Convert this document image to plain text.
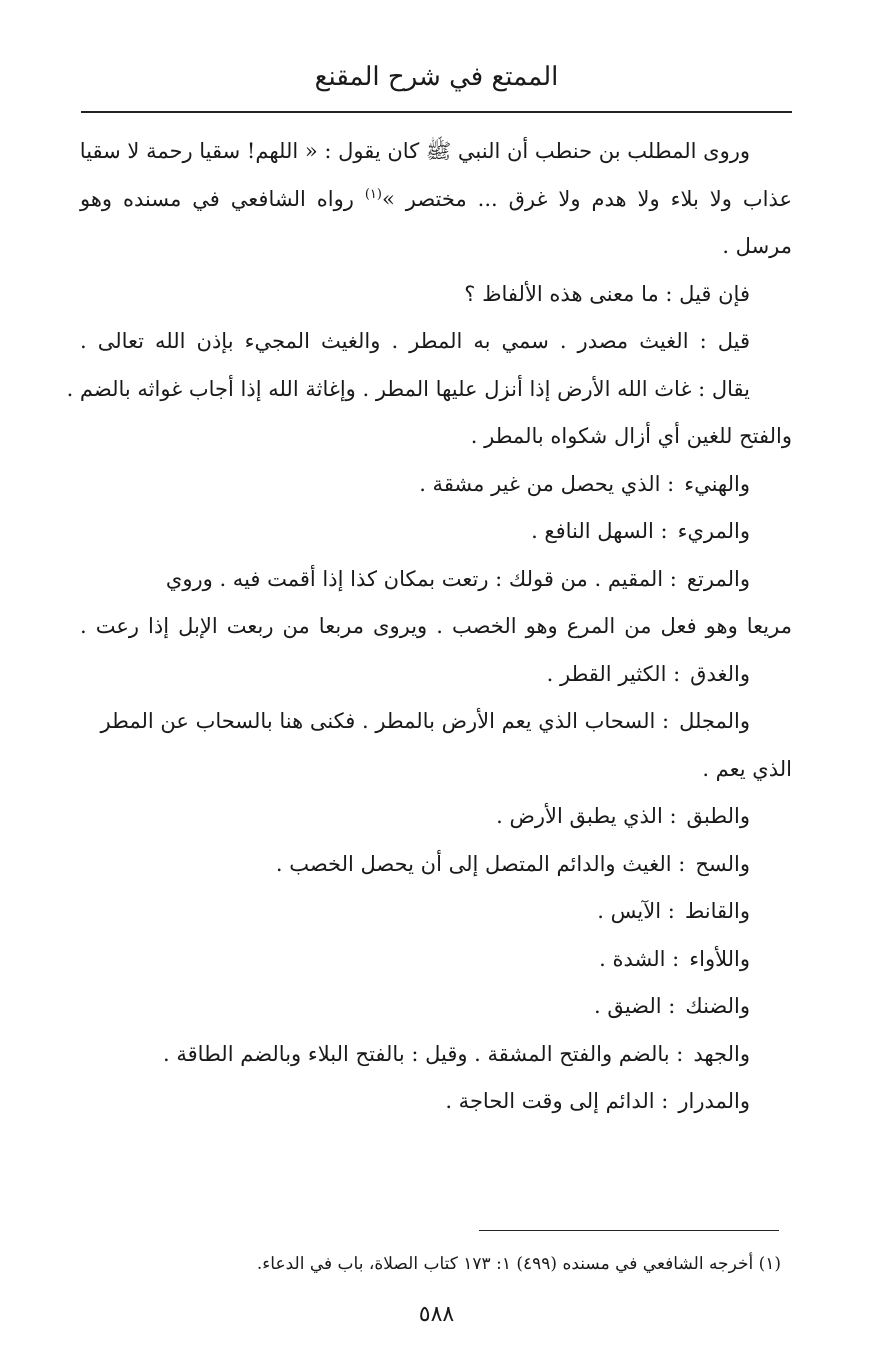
الممتع في شرح المقنع
وروى المطلب بن حنطب أن النبي ﷺ كان يقول : « اللهم! سقيا رحمة لا سقيا
عذاب ولا بلاء ولا هدم ولا غرق ... مختصر »$^{(١)}$ رواه الشافعي في مسنده وهو
مرسل .
فإن قيل : ما معنى هذه الألفاظ ؟
قيل : الغيث مصدر . سمي به المطر . والغيث المجيء بإذن الله تعالى .
يقال : غاث الله الأرض إذا أنزل عليها المطر . وإغاثة الله إذا أجاب غواثه بالضم .
والفتح للغين أي أزال شكواه بالمطر .
والهنيء: الذي يحصل من غير مشقة .
والمريء: السهل النافع .
والمرتع: المقيم . من قولك : رتعت بمكان كذا إذا أقمت فيه . وروي
مريعا وهو فعل من المرع وهو الخصب . ويروى مربعا من ربعت الإبل إذا رعت .
والغدق: الكثير القطر .
والمجلل: السحاب الذي يعم الأرض بالمطر . فكنى هنا بالسحاب عن المطر
الذي يعم .
والطبق: الذي يطبق الأرض .
والسح: الغيث والدائم المتصل إلى أن يحصل الخصب .
والقانط: الآيس .
واللأواء: الشدة .
والضنك: الضيق .
والجهد: بالضم والفتح المشقة . وقيل : بالفتح البلاء وبالضم الطاقة .
والمدرار: الدائم إلى وقت الحاجة .
(١) أخرجه الشافعي في مسنده (٤٩٩) ١: ١٧٣ كتاب الصلاة، باب في الدعاء.
٥٨٨
